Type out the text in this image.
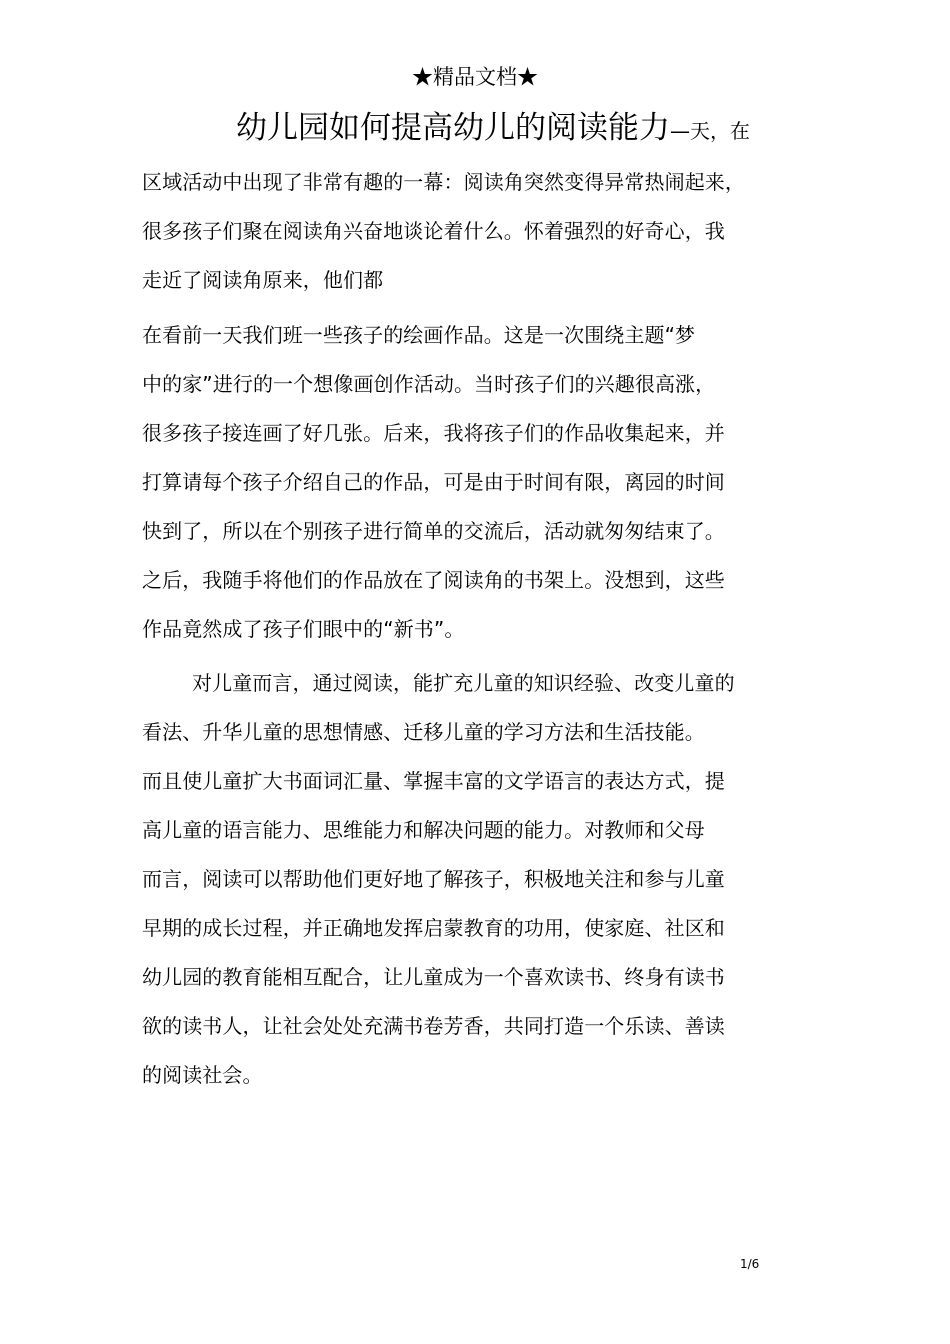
★精品文档★
幼儿园如何提高幼儿的阅读能力—天，在
区域活动中出现了非常有趣的一幕：阅读角突然变得异常热闹起来，
很多孩子们聚在阅读角兴奋地谈论着什么。怀着强烈的好奇心，我
走近了阅读角原来，他们都
在看前一天我们班一些孩子的绘画作品。这是一次围绕主题“梦
中的家”进行的一个想像画创作活动。当时孩子们的兴趣很高涨，
很多孩子接连画了好几张。后来，我将孩子们的作品收集起来，并
打算请每个孩子介绍自己的作品，可是由于时间有限，离园的时间
快到了，所以在个别孩子进行简单的交流后，活动就匆匆结束了。
之后，我随手将他们的作品放在了阅读角的书架上。没想到，这些
作品竟然成了孩子们眼中的“新书”。
对儿童而言，通过阅读，能扩充儿童的知识经验、改变儿童的
看法、升华儿童的思想情感、迁移儿童的学习方法和生活技能。
而且使儿童扩大书面词汇量、掌握丰富的文学语言的表达方式，提
高儿童的语言能力、思维能力和解决问题的能力。对教师和父母
而言，阅读可以帮助他们更好地了解孩子，积极地关注和参与儿童
早期的成长过程，并正确地发挥启蒙教育的功用，使家庭、社区和
幼儿园的教育能相互配合，让儿童成为一个喜欢读书、终身有读书
欲的读书人，让社会处处充满书卷芳香，共同打造一个乐读、善读
的阅读社会。
1/6
